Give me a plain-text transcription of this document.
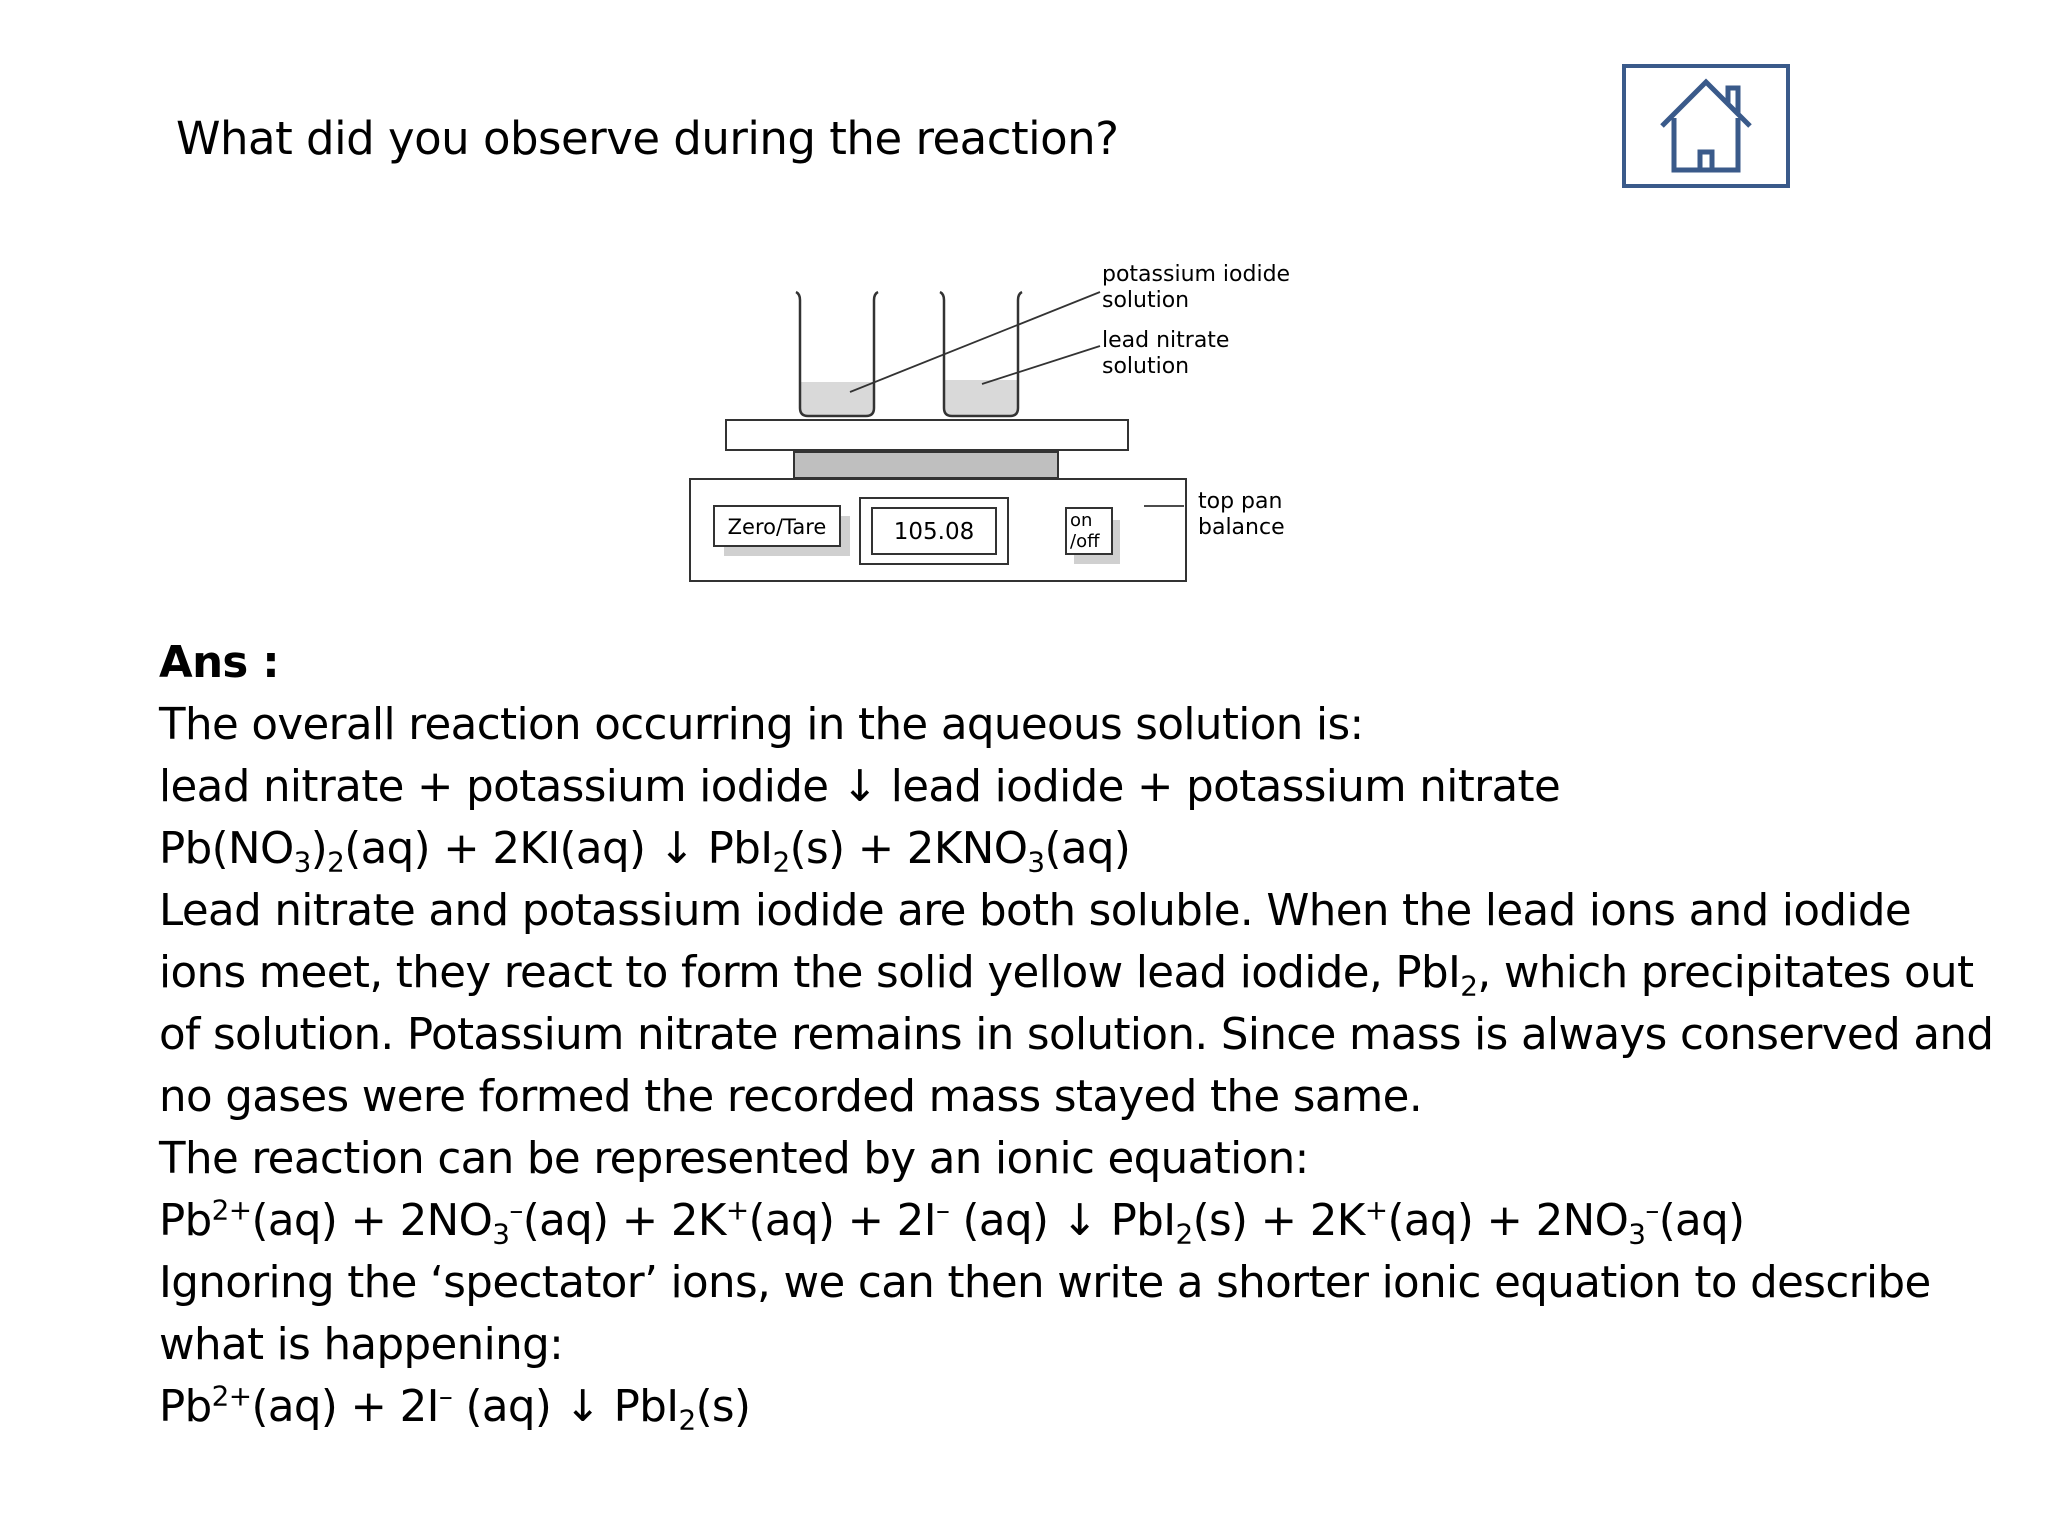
What did you observe during the reaction?
Zero/Tare	105.08	on
/off
potassium iodide
solution
lead nitrate
solution
top pan
balance
Ans :
The overall reaction occurring in the aqueous solution is:
lead nitrate + potassium iodide ↓ lead iodide + potassium nitrate
$Pb(NO_3)_2(aq) + 2KI(aq)$ ↓ $PbI_2(s) + 2KNO_3(aq)$
Lead nitrate and potassium iodide are both soluble. When the lead ions and iodide ions meet, they react to form the solid yellow lead iodide, PbI$_2$, which precipitates out of solution. Potassium nitrate remains in solution. Since mass is always conserved and no gases were formed the recorded mass stayed the same.
The reaction can be represented by an ionic equation:
$Pb^{2+}(aq) + 2NO_3^-(aq) + 2K^+(aq) + 2I^-$ (aq) ↓ $PbI_2(s) + 2K^+(aq) + 2NO_3^-(aq)$
Ignoring the ‘spectator’ ions, we can then write a shorter ionic equation to describe what is happening:
$Pb^{2+}(aq) + 2I^-$ (aq) ↓ PbI$_2$(s)
